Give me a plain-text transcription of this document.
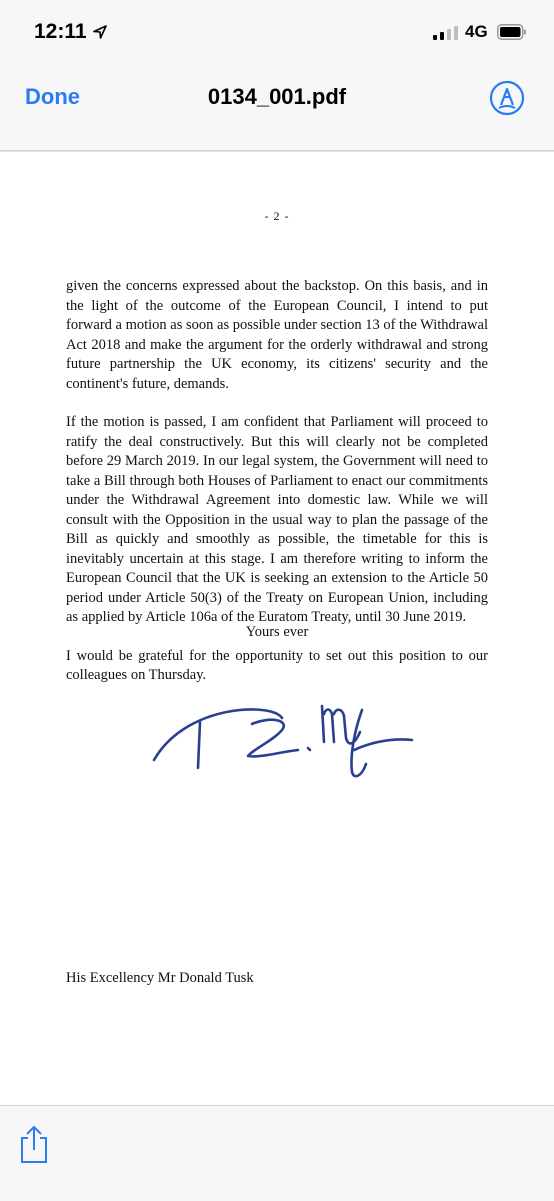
12:11	4G
Done	0134_001.pdf
- 2 -

given the concerns expressed about the backstop. On this basis, and in the light of the outcome of the European Council, I intend to put forward a motion as soon as possible under section 13 of the Withdrawal Act 2018 and make the argument for the orderly withdrawal and strong future partnership the UK economy, its citizens' security and the continent's future, demands.

If the motion is passed, I am confident that Parliament will proceed to ratify the deal constructively. But this will clearly not be completed before 29 March 2019. In our legal system, the Government will need to take a Bill through both Houses of Parliament to enact our commitments under the Withdrawal Agreement into domestic law. While we will consult with the Opposition in the usual way to plan the passage of the Bill as quickly and smoothly as possible, the timetable for this is inevitably uncertain at this stage. I am therefore writing to inform the European Council that the UK is seeking an extension to the Article 50 period under Article 50(3) of the Treaty on European Union, including as applied by Article 106a of the Euratom Treaty, until 30 June 2019.

I would be grateful for the opportunity to set out this position to our colleagues on Thursday.

Yours ever
His Excellency Mr Donald Tusk
